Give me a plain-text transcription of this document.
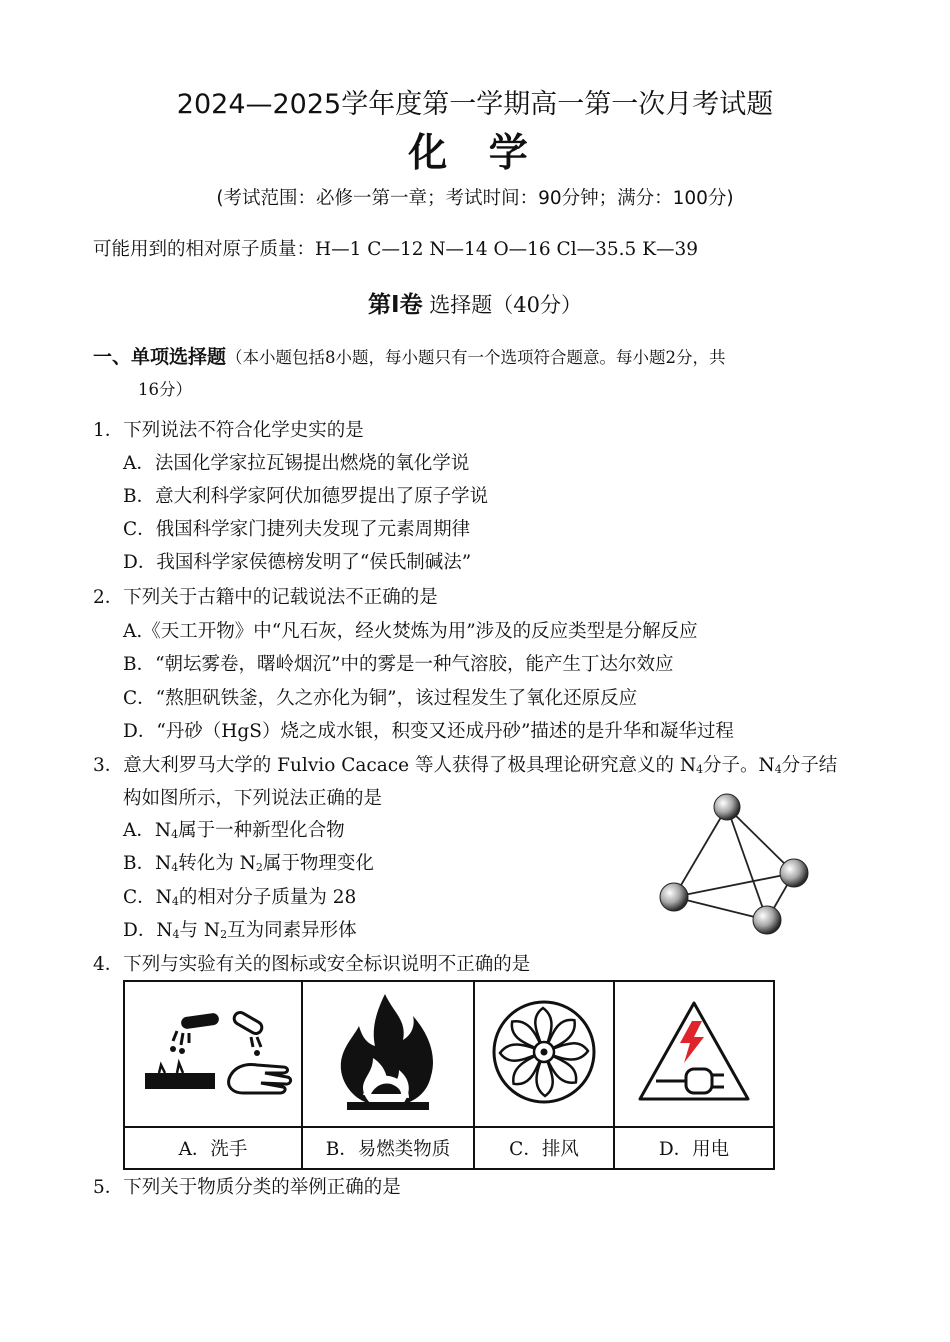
2024—2025学年度第一学期高一第一次月考试题
化 学
(考试范围：必修一第一章；考试时间：90分钟；满分：100分)
可能用到的相对原子质量：H—1 C—12 N—14 O—16 Cl—35.5 K—39
第Ⅰ卷 选择题（40分）
一、单项选择题（本小题包括8小题，每小题只有一个选项符合题意。每小题2分，共
16分）
1．下列说法不符合化学史实的是
A．法国化学家拉瓦锡提出燃烧的氧化学说
B．意大利科学家阿伏加德罗提出了原子学说
C．俄国科学家门捷列夫发现了元素周期律
D．我国科学家侯德榜发明了“侯氏制碱法”
2．下列关于古籍中的记载说法不正确的是
A.《天工开物》中“凡石灰，经火焚炼为用”涉及的反应类型是分解反应
B．“朝坛雾卷，曙岭烟沉”中的雾是一种气溶胶，能产生丁达尔效应
C．“熬胆矾铁釜，久之亦化为铜”，该过程发生了氧化还原反应
D．“丹砂（HgS）烧之成水银，积变又还成丹砂”描述的是升华和凝华过程
3．意大利罗马大学的 Fulvio Cacace 等人获得了极具理论研究意义的 $N_4$分子。$N_4$分子结
构如图所示，下列说法正确的是
A．$N_4$属于一种新型化合物
B．$N_4$转化为 $N_2$属于物理变化
C．$N_4$的相对分子质量为 28
D．$N_4$与 $N_2$互为同素异形体
4．下列与实验有关的图标或安全标识说明不正确的是

A．洗手	B．易燃类物质	C．排风	D．用电
5．下列关于物质分类的举例正确的是
